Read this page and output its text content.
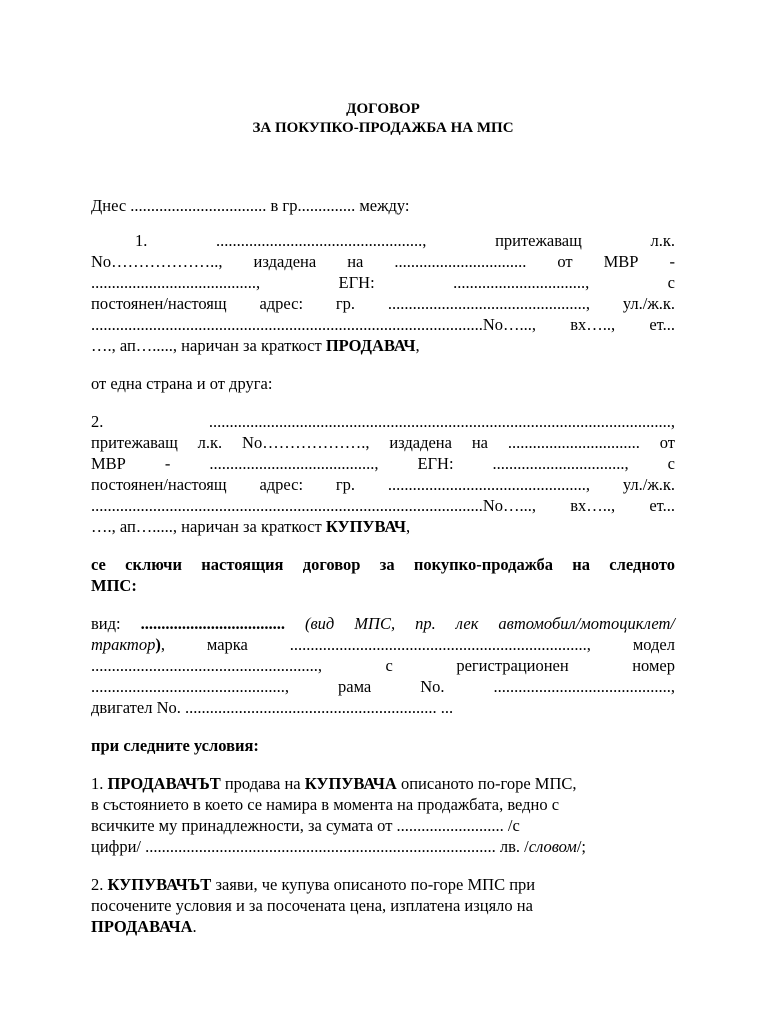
ДОГОВОР
ЗА ПОКУПКО-ПРОДАЖБА НА МПС

Днес ................................. в гр.............. между:

1. .................................................., притежаващ л.к.
No……………….., издадена на ................................ от МВР -
........................................, ЕГН: ................................, с
постоянен/настоящ адрес: гр. ................................................, ул./ж.к.
...............................................................................................No…..., вх….., ет...
…., ап…....., наричан за краткост ПРОДАВАЧ,

от една страна и от друга:

2. ................................................................................................................,
притежаващ л.к. No………………., издадена на ................................ от
МВР - ........................................, ЕГН: ................................, с
постоянен/настоящ адрес: гр. ................................................, ул./ж.к.
...............................................................................................No…..., вх….., ет...
…., ап…....., наричан за краткост КУПУВАЧ,
се сключи настоящия договор за покупко-продажба на следното
МПС:
вид: ................................... (вид МПС, пр. лек автомобил/мотоциклет/
трактор), марка ........................................................................, модел
......................................................., с регистрационен номер
..............................................., рама No. ...........................................,
двигател No. ............................................................. ...

при следните условия:

1. ПРОДАВАЧЪТ продава на КУПУВАЧА описаното по-горе МПС,
в състоянието в което се намира в момента на продажбата, ведно с
всичките му принадлежности, за сумата от .......................... /с
цифри/ ..................................................................................... лв. /словом/;
2. КУПУВАЧЪТ заяви, че купува описаното по-горе МПС при
посочените условия и за посочената цена, изплатена изцяло на
ПРОДАВАЧА.
